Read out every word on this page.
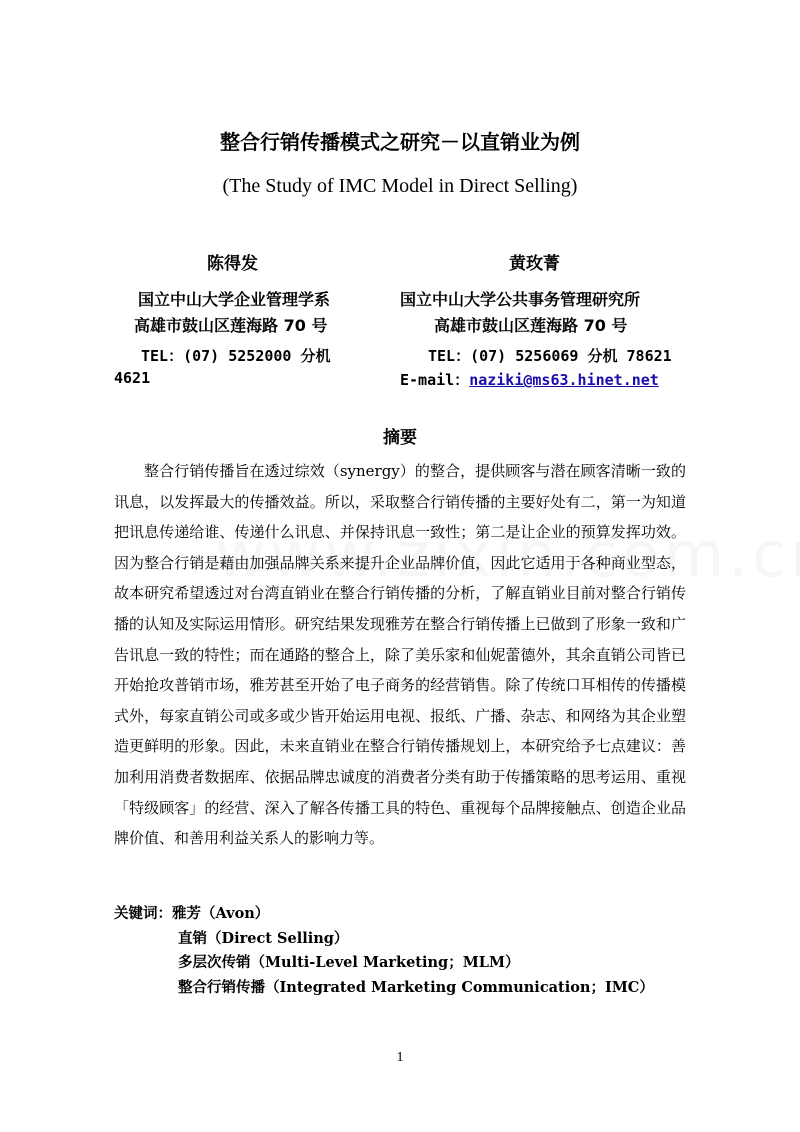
整合行销传播模式之研究－以直销业为例
(The Study of IMC Model in Direct Selling)
陈得发
国立中山大学企业管理学系
高雄市鼓山区莲海路 70 号
TEL：(07) 5252000 分机
4621
黄玫菁
国立中山大学公共事务管理研究所
高雄市鼓山区莲海路 70 号
TEL：(07) 5256069 分机 78621
E-mail：naziki@ms63.hinet.net
摘要
整合行销传播旨在透过综效（synergy）的整合，提供顾客与潜在顾客清晰一致的讯息，以发挥最大的传播效益。所以，采取整合行销传播的主要好处有二，第一为知道把讯息传递给谁、传递什么讯息、并保持讯息一致性；第二是让企业的预算发挥功效。因为整合行销是藉由加强品牌关系来提升企业品牌价值，因此它适用于各种商业型态，故本研究希望透过对台湾直销业在整合行销传播的分析，了解直销业目前对整合行销传播的认知及实际运用情形。研究结果发现雅芳在整合行销传播上已做到了形象一致和广告讯息一致的特性；而在通路的整合上，除了美乐家和仙妮蕾德外，其余直销公司皆已开始抢攻普销市场，雅芳甚至开始了电子商务的经营销售。除了传统口耳相传的传播模式外，每家直销公司或多或少皆开始运用电视、报纸、广播、杂志、和网络为其企业塑造更鲜明的形象。因此，未来直销业在整合行销传播规划上，本研究给予七点建议：善加利用消费者数据库、依据品牌忠诚度的消费者分类有助于传播策略的思考运用、重视「特级顾客」的经营、深入了解各传播工具的特色、重视每个品牌接触点、创造企业品牌价值、和善用利益关系人的影响力等。
关键词：雅芳（Avon）
直销（Direct Selling）
多层次传销（Multi-Level Marketing；MLM）
整合行销传播（Integrated Marketing Communication；IMC）
1
